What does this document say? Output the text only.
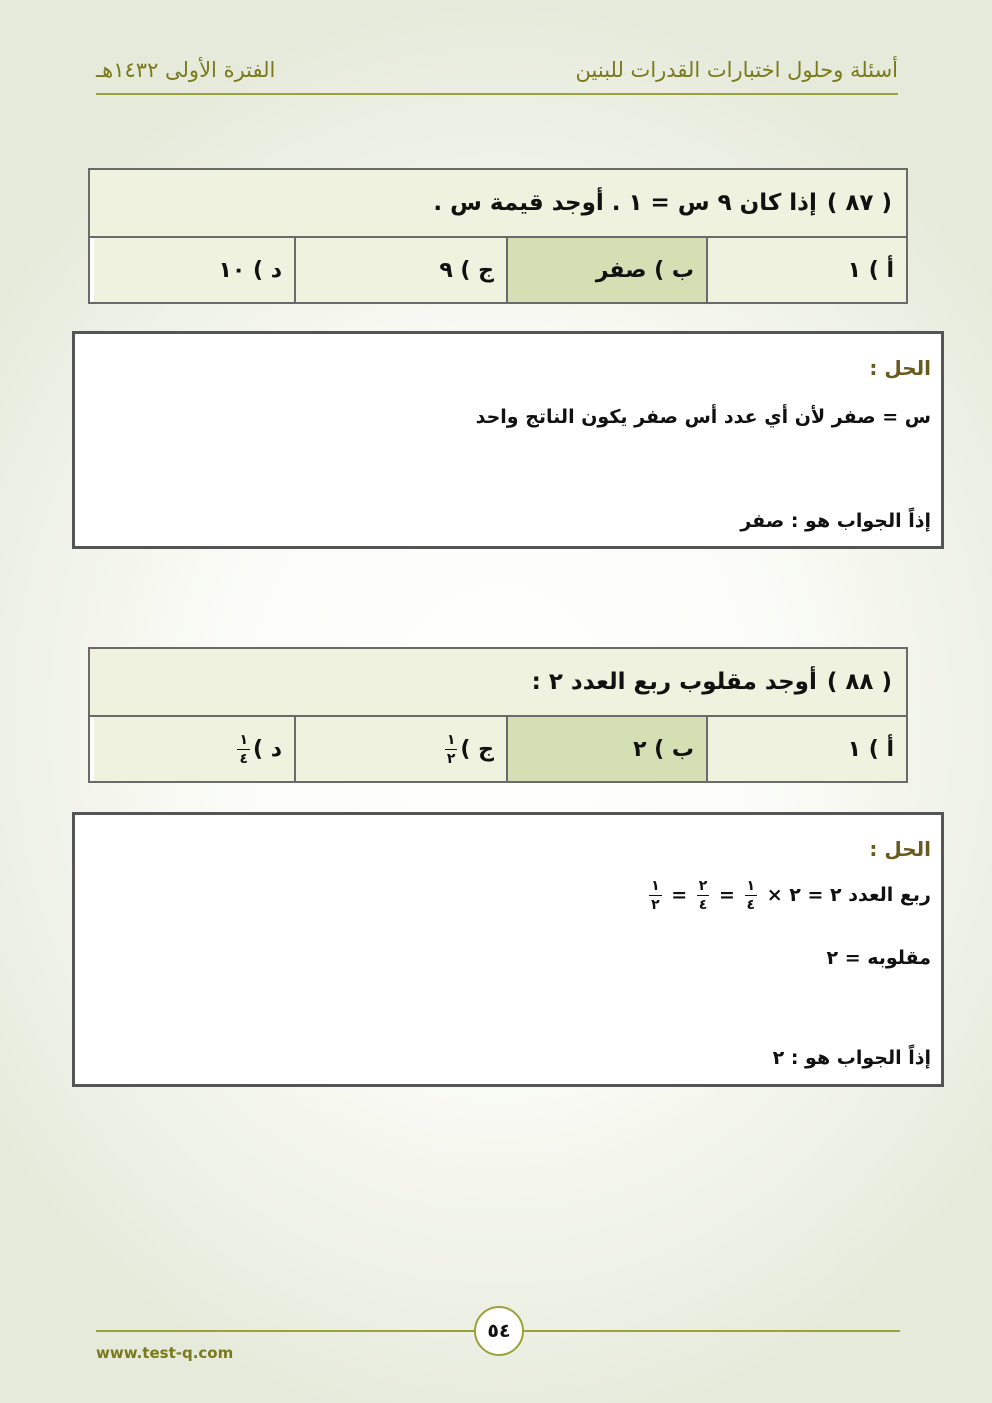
الفترة الأولى ١٤٣٢هـ	أسئلة وحلول اختبارات القدرات للبنين
( ٨٧ )
إذا كان ٩ س = ١ . أوجد قيمة س .
أ ) ١
ب ) صفر
ج ) ٩
د ) ١٠
الحل :
س = صفر لأن أي عدد أس صفر يكون الناتج واحد
إذاً الجواب هو : صفر
( ٨٨ )
أوجد مقلوب ربع العدد ٢ :
أ ) ١
ب ) ٢
ج )
$\frac{١}{٢}$
د )
$\frac{١}{٤}$
الحل :
ربع العدد ٢ = ٢ ×
$\frac{١}{٤}$
=
$\frac{٢}{٤}$
=
$\frac{١}{٢}$
مقلوبه = ٢
إذاً الجواب هو : ٢
٥٤
www.test-q.com
